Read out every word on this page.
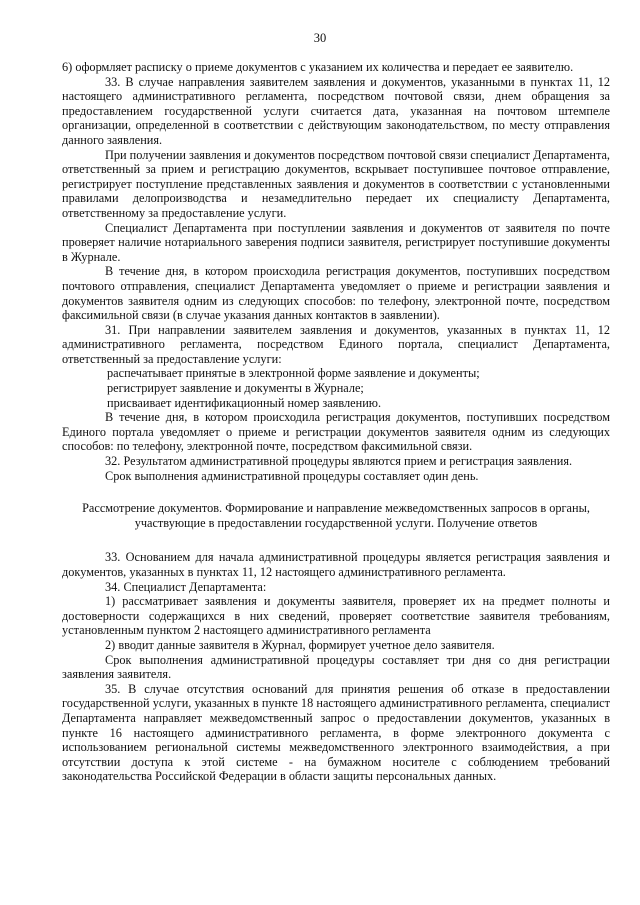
30
6) оформляет расписку о приеме документов с указанием их количества и передает ее заявителю.
33. В случае направления заявителем заявления и документов, указанными в пунктах 11, 12 настоящего административного регламента, посредством почтовой связи, днем обращения за предоставлением государственной услуги считается дата, указанная на почтовом штемпеле организации, определенной в соответствии с действующим законодательством, по месту отправления данного заявления.
При получении заявления и документов посредством почтовой связи специалист Департамента, ответственный за прием и регистрацию документов, вскрывает поступившее почтовое отправление, регистрирует поступление представленных заявления и документов в соответствии с установленными правилами делопроизводства и незамедлительно передает их специалисту Департамента, ответственному за предоставление услуги.
Специалист Департамента при поступлении заявления и документов от заявителя по почте проверяет наличие нотариального заверения подписи заявителя, регистрирует поступившие документы в Журнале.
В течение дня, в котором происходила регистрация документов, поступивших посредством почтового отправления, специалист Департамента уведомляет о приеме и регистрации заявления и документов заявителя одним из следующих способов: по телефону, электронной почте, посредством факсимильной связи (в случае указания данных контактов в заявлении).
31. При направлении заявителем заявления и документов, указанных в пунктах 11, 12 административного регламента, посредством Единого портала, специалист Департамента, ответственный за предоставление услуги:
распечатывает принятые в электронной форме заявление и документы;
регистрирует заявление и документы в Журнале;
присваивает идентификационный номер заявлению.
В течение дня, в котором происходила регистрация документов, поступивших посредством Единого портала уведомляет о приеме и регистрации документов заявителя одним из следующих способов: по телефону, электронной почте, посредством факсимильной связи.
32. Результатом административной процедуры являются прием и регистрация заявления.
Срок выполнения административной процедуры составляет один день.
Рассмотрение документов. Формирование и направление межведомственных запросов в органы, участвующие в предоставлении государственной услуги. Получение ответов
33. Основанием для начала административной процедуры является регистрация заявления и документов, указанных в пунктах 11, 12 настоящего административного регламента.
34. Специалист Департамента:
1) рассматривает заявления и документы заявителя, проверяет их на предмет полноты и достоверности содержащихся в них сведений, проверяет соответствие заявителя требованиям, установленным пунктом 2 настоящего административного регламента
2) вводит данные заявителя в Журнал, формирует учетное дело заявителя.
Срок выполнения административной процедуры составляет три дня со дня регистрации заявления заявителя.
35. В случае отсутствия оснований для принятия решения об отказе в предоставлении государственной услуги, указанных в пункте 18 настоящего административного регламента, специалист Департамента направляет межведомственный запрос о предоставлении документов, указанных в пункте 16 настоящего административного регламента, в форме электронного документа с использованием региональной системы межведомственного электронного взаимодействия, а при отсутствии доступа к этой системе - на бумажном носителе с соблюдением требований законодательства Российской Федерации в области защиты персональных данных.
